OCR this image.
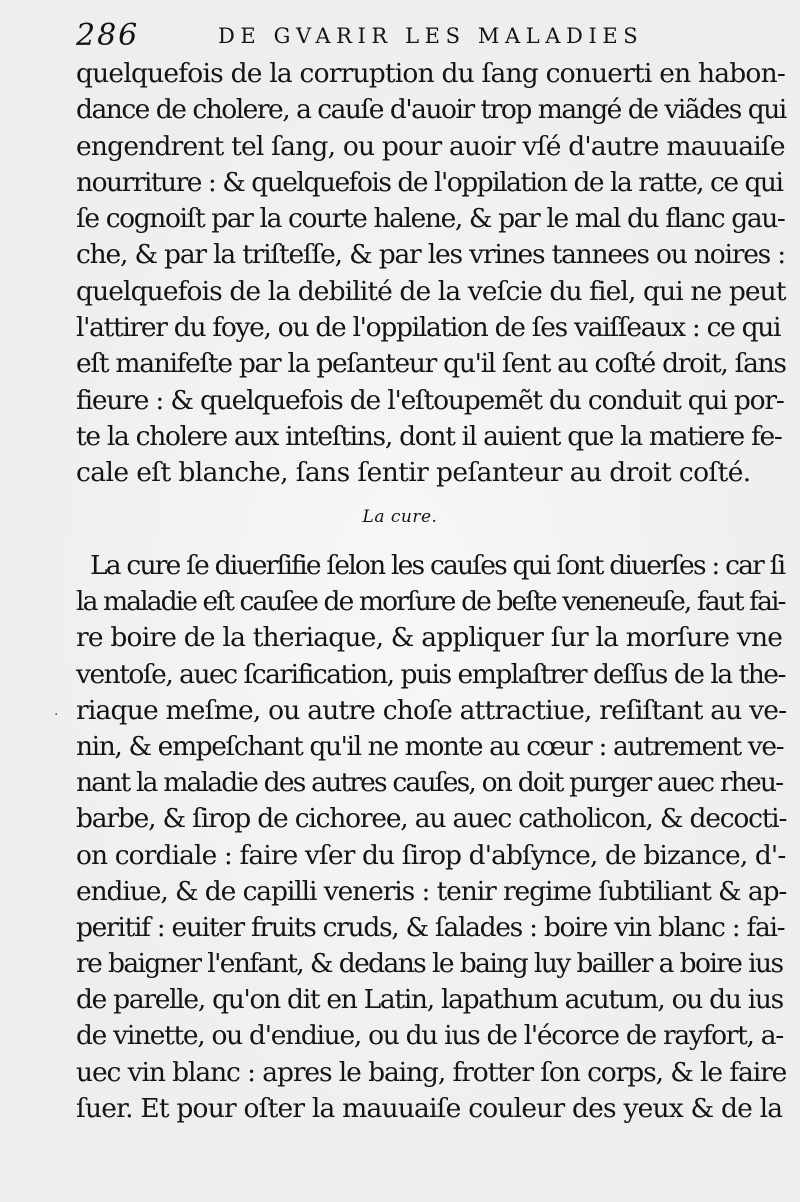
286	DE GVARIR LES MALADIES
quelquefois de la corruption du ſang conuerti en habon-
dance de cholere, a cauſe d'auoir trop mangé de viãdes qui
engendrent tel ſang, ou pour auoir vſé d'autre mauuaiſe
nourriture : & quelquefois de l'oppilation de la ratte, ce qui
ſe cognoiſt par la courte halene, & par le mal du flanc gau-
che, & par la triſteſſe, & par les vrines tannees ou noires :
quelquefois de la debilité de la veſcie du fiel, qui ne peut
l'attirer du foye, ou de l'oppilation de ſes vaiſſeaux : ce qui
eſt manifeſte par la peſanteur qu'il ſent au coſté droit, ſans
fieure : & quelquefois de l'eſtoupemẽt du conduit qui por-
te la cholere aux inteſtins, dont il auient que la matiere fe-
cale eſt blanche, ſans ſentir peſanteur au droit coſté.
La cure.
·
La cure ſe diuerſifie ſelon les cauſes qui ſont diuerſes : car ſi
la maladie eſt cauſee de morſure de beſte veneneuſe, faut fai-
re boire de la theriaque, & appliquer ſur la morſure vne
ventoſe, auec ſcarification, puis emplaſtrer deſſus de la the-
riaque meſme, ou autre choſe attractiue, reſiſtant au ve-
nin, & empeſchant qu'il ne monte au cœur : autrement ve-
nant la maladie des autres cauſes, on doit purger auec rheu-
barbe, & ſirop de cichoree, au auec catholicon, & decocti-
on cordiale : faire vſer du ſirop d'abſynce, de bizance, d'-
endiue, & de capilli veneris : tenir regime ſubtiliant & ap-
peritif : euiter fruits cruds, & ſalades : boire vin blanc : fai-
re baigner l'enfant, & dedans le baing luy bailler a boire ius
de parelle, qu'on dit en Latin, lapathum acutum, ou du ius
de vinette, ou d'endiue, ou du ius de l'écorce de rayfort, a-
uec vin blanc : apres le baing, frotter ſon corps, & le faire
ſuer. Et pour oſter la mauuaiſe couleur des yeux & de la
